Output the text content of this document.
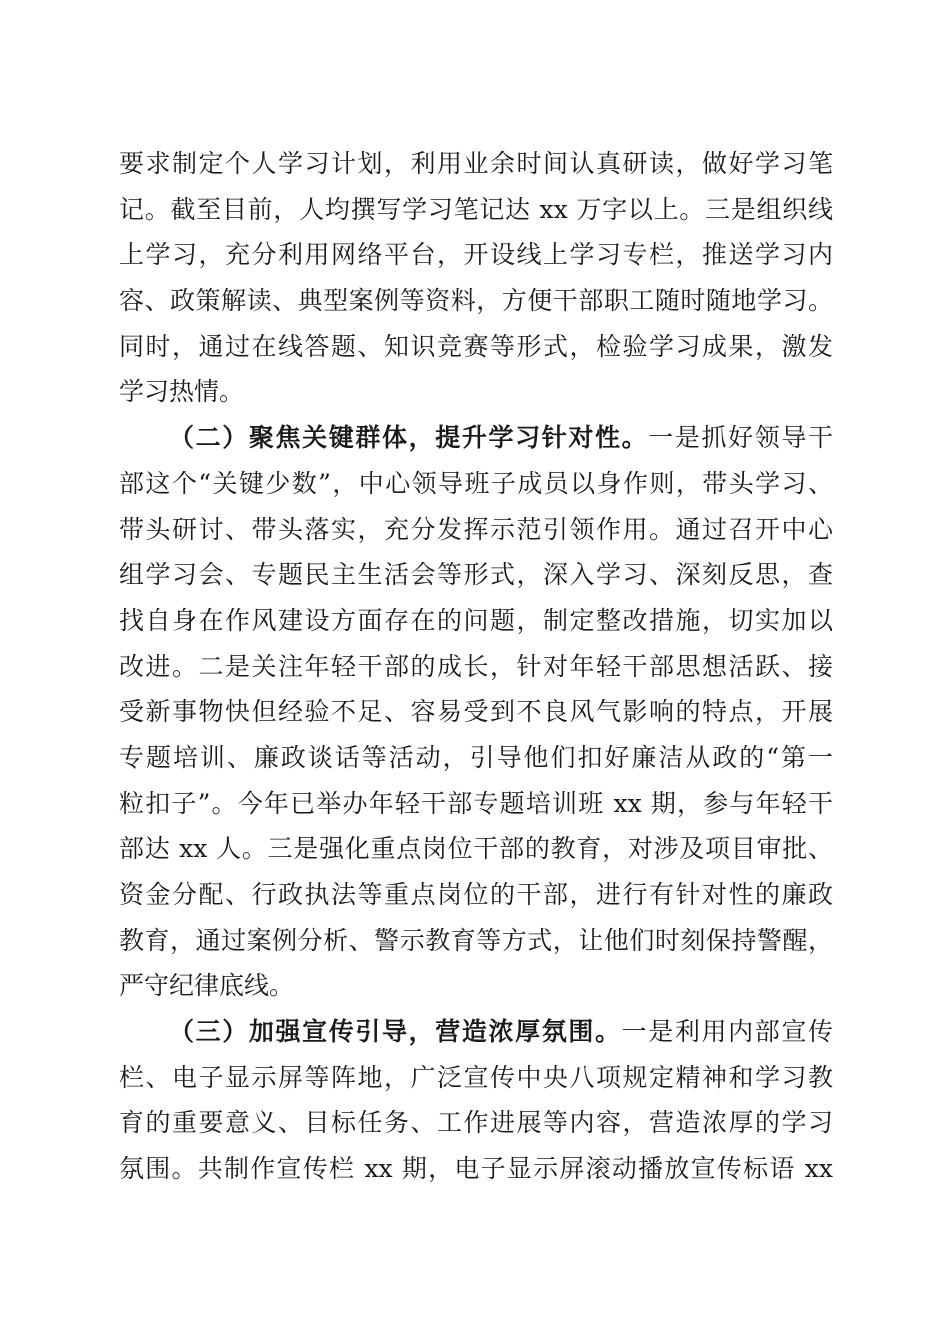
要求制定个人学习计划，利用业余时间认真研读，做好学习笔
记。截至目前，人均撰写学习笔记达 xx 万字以上。三是组织线
上学习，充分利用网络平台，开设线上学习专栏，推送学习内
容、政策解读、典型案例等资料，方便干部职工随时随地学习。
同时，通过在线答题、知识竞赛等形式，检验学习成果，激发
学习热情。
（二）聚焦关键群体，提升学习针对性。一是抓好领导干
部这个“关键少数”，中心领导班子成员以身作则，带头学习、
带头研讨、带头落实，充分发挥示范引领作用。通过召开中心
组学习会、专题民主生活会等形式，深入学习、深刻反思，查
找自身在作风建设方面存在的问题，制定整改措施，切实加以
改进。二是关注年轻干部的成长，针对年轻干部思想活跃、接
受新事物快但经验不足、容易受到不良风气影响的特点，开展
专题培训、廉政谈话等活动，引导他们扣好廉洁从政的“第一
粒扣子”。今年已举办年轻干部专题培训班 xx 期，参与年轻干
部达 xx 人。三是强化重点岗位干部的教育，对涉及项目审批、
资金分配、行政执法等重点岗位的干部，进行有针对性的廉政
教育，通过案例分析、警示教育等方式，让他们时刻保持警醒，
严守纪律底线。
（三）加强宣传引导，营造浓厚氛围。一是利用内部宣传
栏、电子显示屏等阵地，广泛宣传中央八项规定精神和学习教
育的重要意义、目标任务、工作进展等内容，营造浓厚的学习
氛围。共制作宣传栏 xx 期，电子显示屏滚动播放宣传标语 xx
